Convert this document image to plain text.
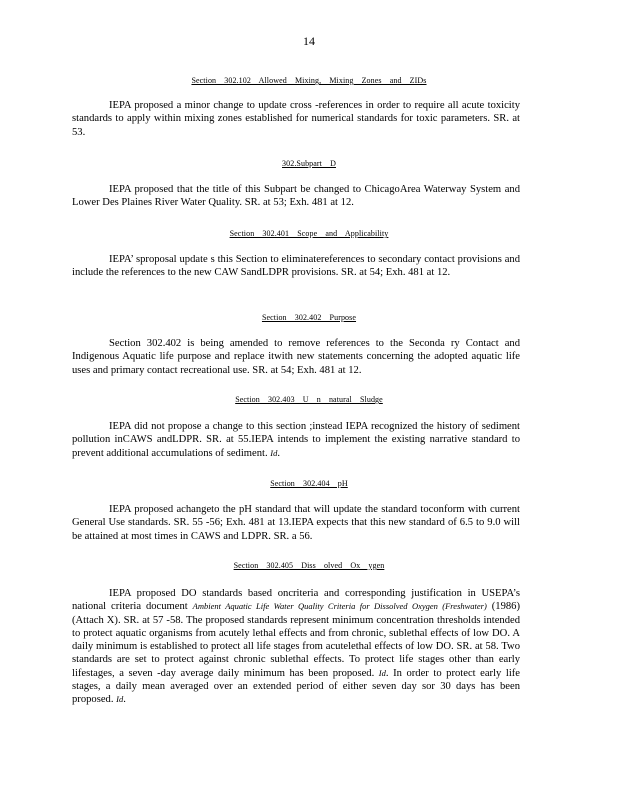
14
Section 302.102 Allowed Mixing, Mixing Zones and ZIDs
IEPA proposed a minor change to update cross -references in order to require all acute toxicity standards to apply within mixing zones established for numerical standards for toxic parameters. SR. at 53.
302.Subpart D
IEPA proposed that the title of this Subpart be changed to ChicagoArea Waterway System and Lower Des Plaines River Water Quality. SR. at 53; Exh. 481 at 12.
Section 302.401 Scope and Applicability
IEPA’ sproposal update s this Section to eliminatereferences to secondary contact provisions and include the references to the new CAW SandLDPR provisions. SR. at 54; Exh. 481 at 12.
Section 302.402 Purpose
Section 302.402 is being amended to remove references to the Seconda ry Contact and Indigenous Aquatic life purpose and replace itwith new statements concerning the adopted aquatic life uses and primary contact recreational use. SR. at 54; Exh. 481 at 12.
Section 302.403 U n natural Sludge
IEPA did not propose a change to this section ;instead IEPA recognized the history of sediment pollution inCAWS andLDPR. SR. at 55.IEPA intends to implement the existing narrative standard to prevent additional accumulations of sediment. Id.
Section 302.404 pH
IEPA proposed achangeto the pH standard that will update the standard toconform with current General Use standards. SR. 55 -56; Exh. 481 at 13.IEPA expects that this new standard of 6.5 to 9.0 will be attained at most times in CAWS and LDPR. SR. a 56.
Section 302.405 Diss olved Ox ygen
IEPA proposed DO standards based oncriteria and corresponding justification in USEPA’s national criteria document Ambient Aquatic Life Water Quality Criteria for Dissolved Oxygen (Freshwater) (1986) (Attach X). SR. at 57 -58. The proposed standards represent minimum concentration thresholds intended to protect aquatic organisms from acutely lethal effects and from chronic, sublethal effects of low DO. A daily minimum is established to protect all life stages from acutelethal effects of low DO. SR. at 58. Two standards are set to protect against chronic sublethal effects. To protect life stages other than early lifestages, a seven -day average daily minimum has been proposed. Id. In order to protect early life stages, a daily mean averaged over an extended period of either seven day sor 30 days has been proposed. Id.
